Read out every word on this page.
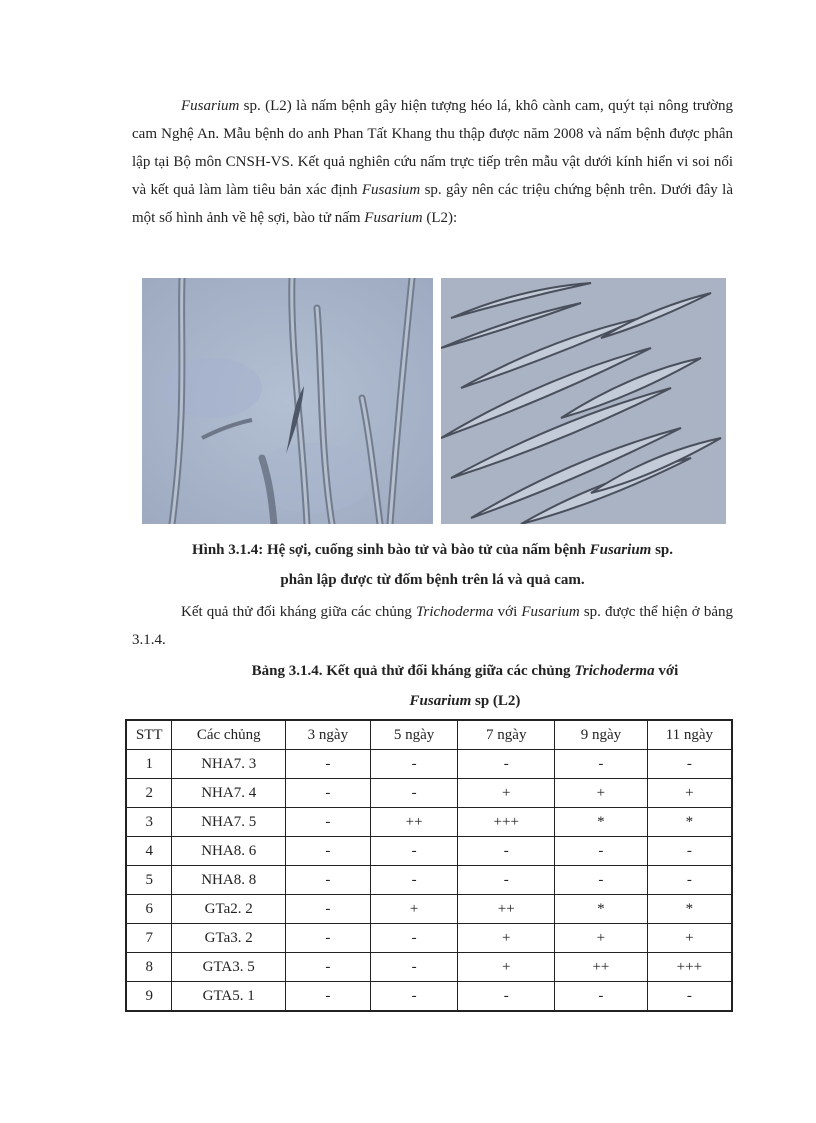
Fusarium sp. (L2) là nấm bệnh gây hiện tượng héo lá, khô cành cam, quýt tại nông trường cam Nghệ An. Mẫu bệnh do anh Phan Tất Khang thu thập được năm 2008 và nấm bệnh được phân lập tại Bộ môn CNSH-VS. Kết quả nghiên cứu nấm trực tiếp trên mẫu vật dưới kính hiển vi soi nổi và kết quả làm làm tiêu bản xác định Fusasium sp. gây nên các triệu chứng bệnh trên. Dưới đây là một số hình ảnh về hệ sợi, bào tử nấm Fusarium (L2):

Hình 3.1.4: Hệ sợi, cuống sinh bào tử và bào tử của nấm bệnh Fusarium sp.
phân lập được từ đốm bệnh trên lá và quả cam.

Kết quả thử đối kháng giữa các chủng Trichoderma với Fusarium sp. được thể hiện ở bảng 3.1.4.

Bảng 3.1.4. Kết quả thử đối kháng giữa các chủng Trichoderma với
Fusarium sp (L2)

STT	Các chủng	3 ngày	5 ngày	7 ngày	9 ngày	11 ngày
1	NHA7. 3	-	-	-	-	-
2	NHA7. 4	-	-	+	+	+
3	NHA7. 5	-	++	+++	*	*
4	NHA8. 6	-	-	-	-	-
5	NHA8. 8	-	-	-	-	-
6	GTa2. 2	-	+	++	*	*
7	GTa3. 2	-	-	+	+	+
8	GTA3. 5	-	-	+	++	+++
9	GTA5. 1	-	-	-	-	-
